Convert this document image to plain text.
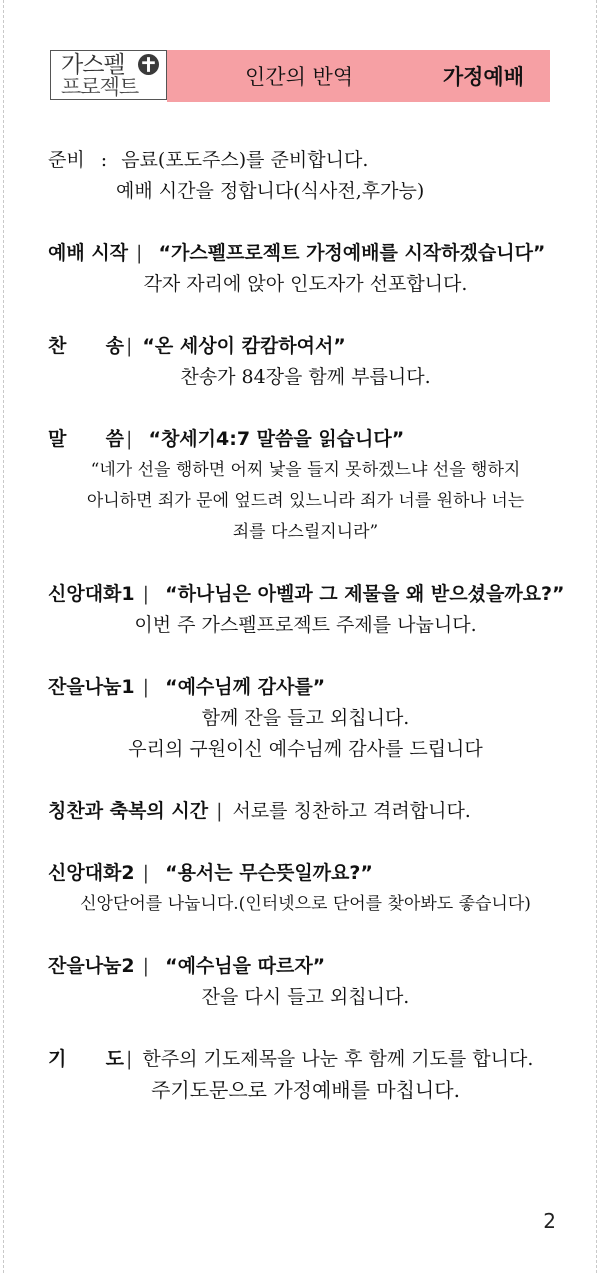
가스펠
프로젝트	인간의 반역	가정예배
준비 : 음료(포도주스)를 준비합니다.
예배 시간을 정합니다(식사전,후가능)
예배 시작 | “가스펠프로젝트 가정예배를 시작하겠습니다”
각자 자리에 앉아 인도자가 선포합니다.
찬 송 | “온 세상이 캄캄하여서”
찬송가 84장을 함께 부릅니다.
말 씀 | “창세기4:7 말씀을 읽습니다”
“네가 선을 행하면 어찌 낯을 들지 못하겠느냐 선을 행하지
아니하면 죄가 문에 엎드려 있느니라 죄가 너를 원하나 너는
죄를 다스릴지니라”
신앙대화1 | “하나님은 아벨과 그 제물을 왜 받으셨을까요?”
이번 주 가스펠프로젝트 주제를 나눕니다.
잔을나눔1 | “예수님께 감사를”
함께 잔을 들고 외칩니다.
우리의 구원이신 예수님께 감사를 드립니다
칭찬과 축복의 시간 | 서로를 칭찬하고 격려합니다.
신앙대화2 | “용서는 무슨뜻일까요?”
신앙단어를 나눕니다.(인터넷으로 단어를 찾아봐도 좋습니다)
잔을나눔2 | “예수님을 따르자”
잔을 다시 들고 외칩니다.
기 도 | 한주의 기도제목을 나눈 후 함께 기도를 합니다.
주기도문으로 가정예배를 마칩니다.
2
